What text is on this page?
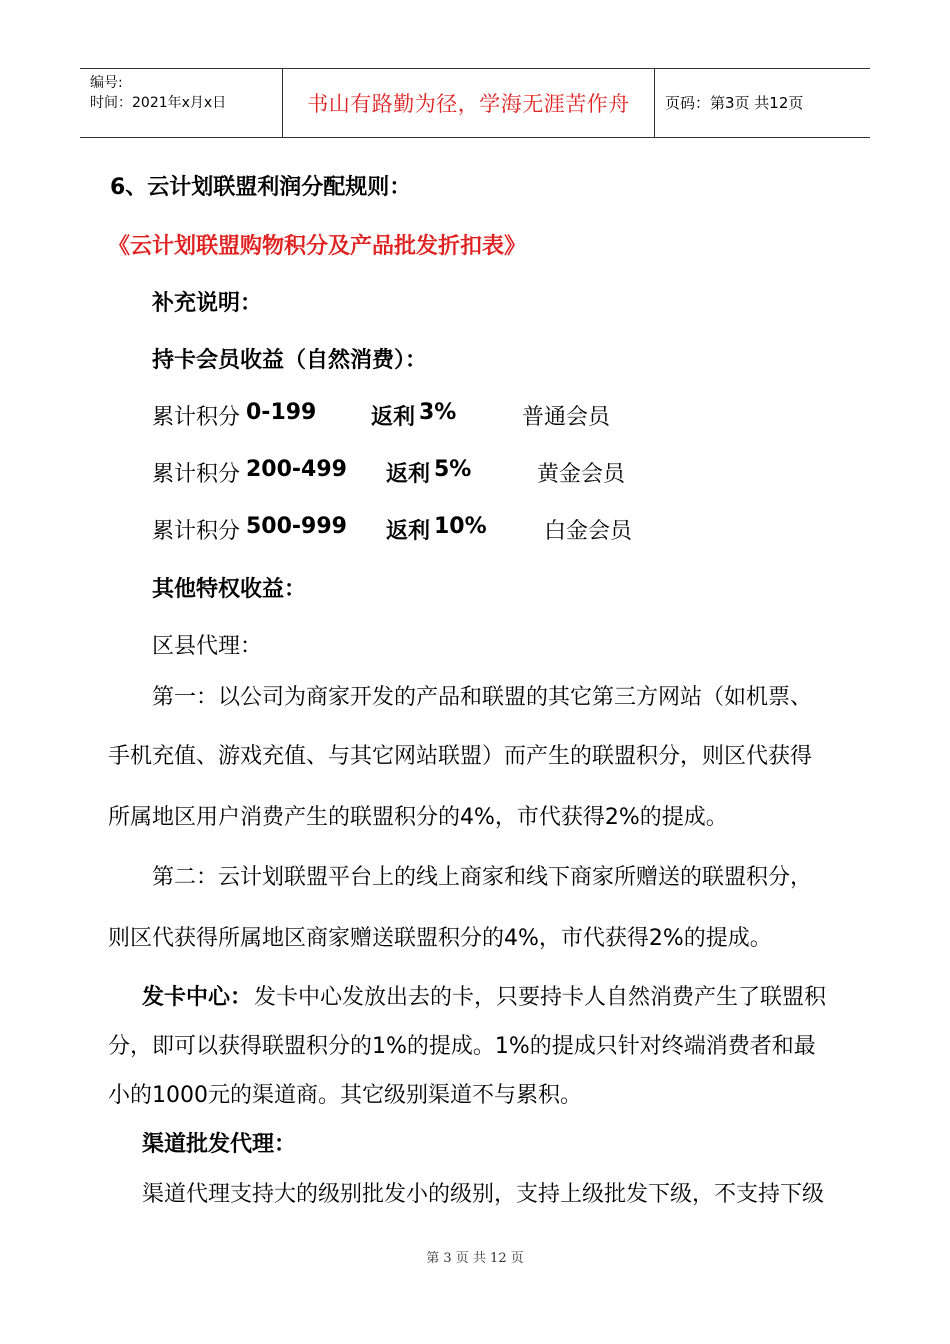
编号:
时间：2021年x月x日	书山有路勤为径，学海无涯苦作舟 页码：第3页 共12页
6、云计划联盟利润分配规则：
《云计划联盟购物积分及产品批发折扣表》
补充说明：
持卡会员收益（自然消费）：
累计积分 0-199 返利 3%	普通会员
累计积分 200-499 返利 5%	黄金会员
累计积分 500-999 返利 10%	白金会员
其他特权收益：
区县代理：
第一：以公司为商家开发的产品和联盟的其它第三方网站（如机票、
手机充值、游戏充值、与其它网站联盟）而产生的联盟积分，则区代获得
所属地区用户消费产生的联盟积分的4%，市代获得2%的提成。
第二：云计划联盟平台上的线上商家和线下商家所赠送的联盟积分，
则区代获得所属地区商家赠送联盟积分的4%，市代获得2%的提成。
发卡中心： 发卡中心发放出去的卡，只要持卡人自然消费产生了联盟积
分，即可以获得联盟积分的1%的提成。1%的提成只针对终端消费者和最
小的1000元的渠道商。其它级别渠道不与累积。
渠道批发代理：
渠道代理支持大的级别批发小的级别，支持上级批发下级，不支持下级
第 3 页 共 12 页
